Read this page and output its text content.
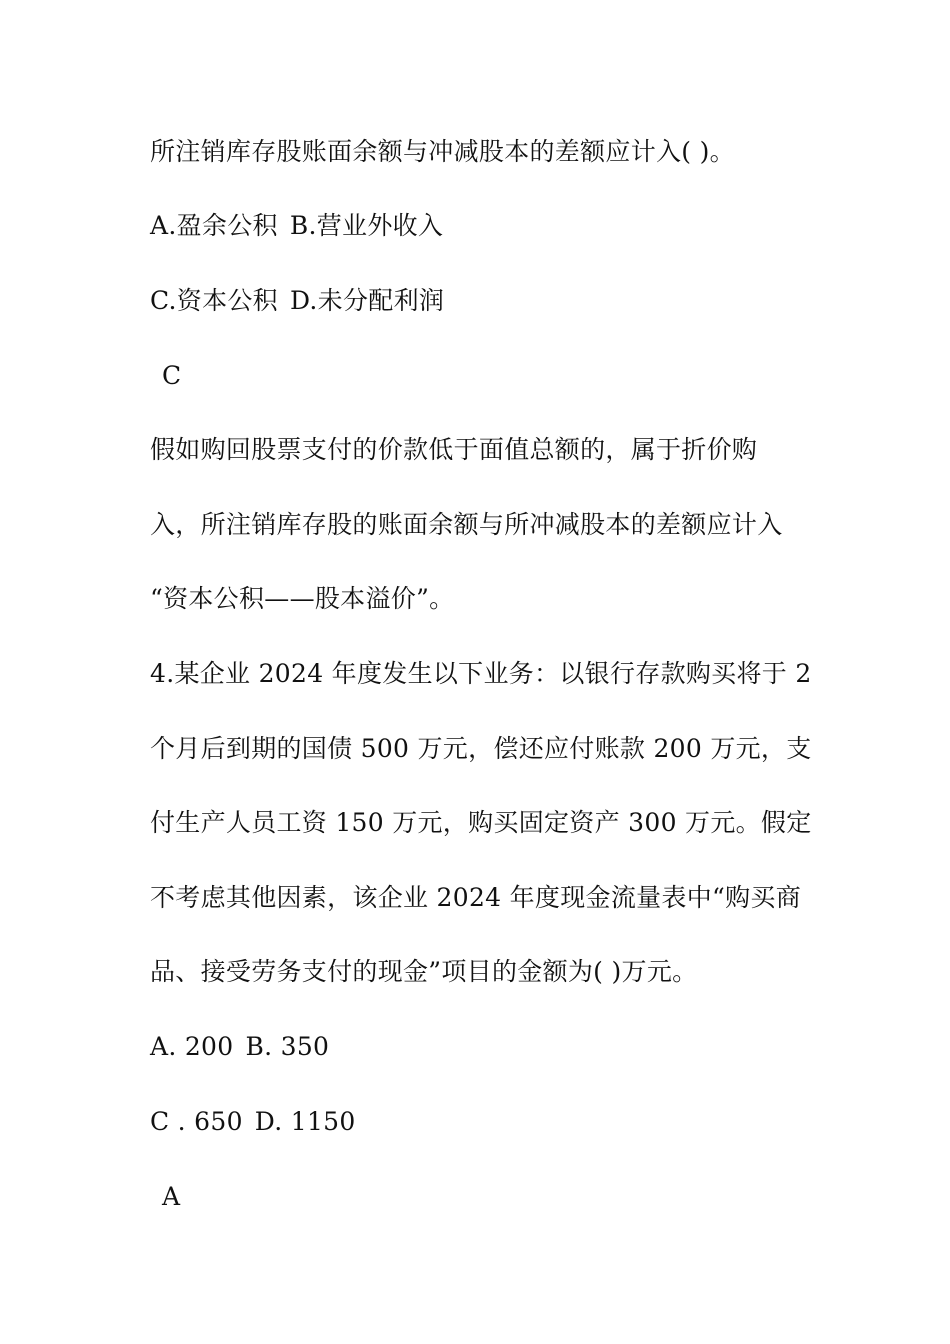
所注销库存股账面余额与冲减股本的差额应计入( )。
A.盈余公积 B.营业外收入
C.资本公积 D.未分配利润
C
假如购回股票支付的价款低于面值总额的，属于折价购
入，所注销库存股的账面余额与所冲减股本的差额应计入
“资本公积——股本溢价”。
4.某企业 2024 年度发生以下业务：以银行存款购买将于 2
个月后到期的国债 500 万元，偿还应付账款 200 万元，支
付生产人员工资 150 万元，购买固定资产 300 万元。假定
不考虑其他因素，该企业 2024 年度现金流量表中“购买商
品、接受劳务支付的现金”项目的金额为( )万元。
A. 200 B. 350
C . 650 D. 1150
A
